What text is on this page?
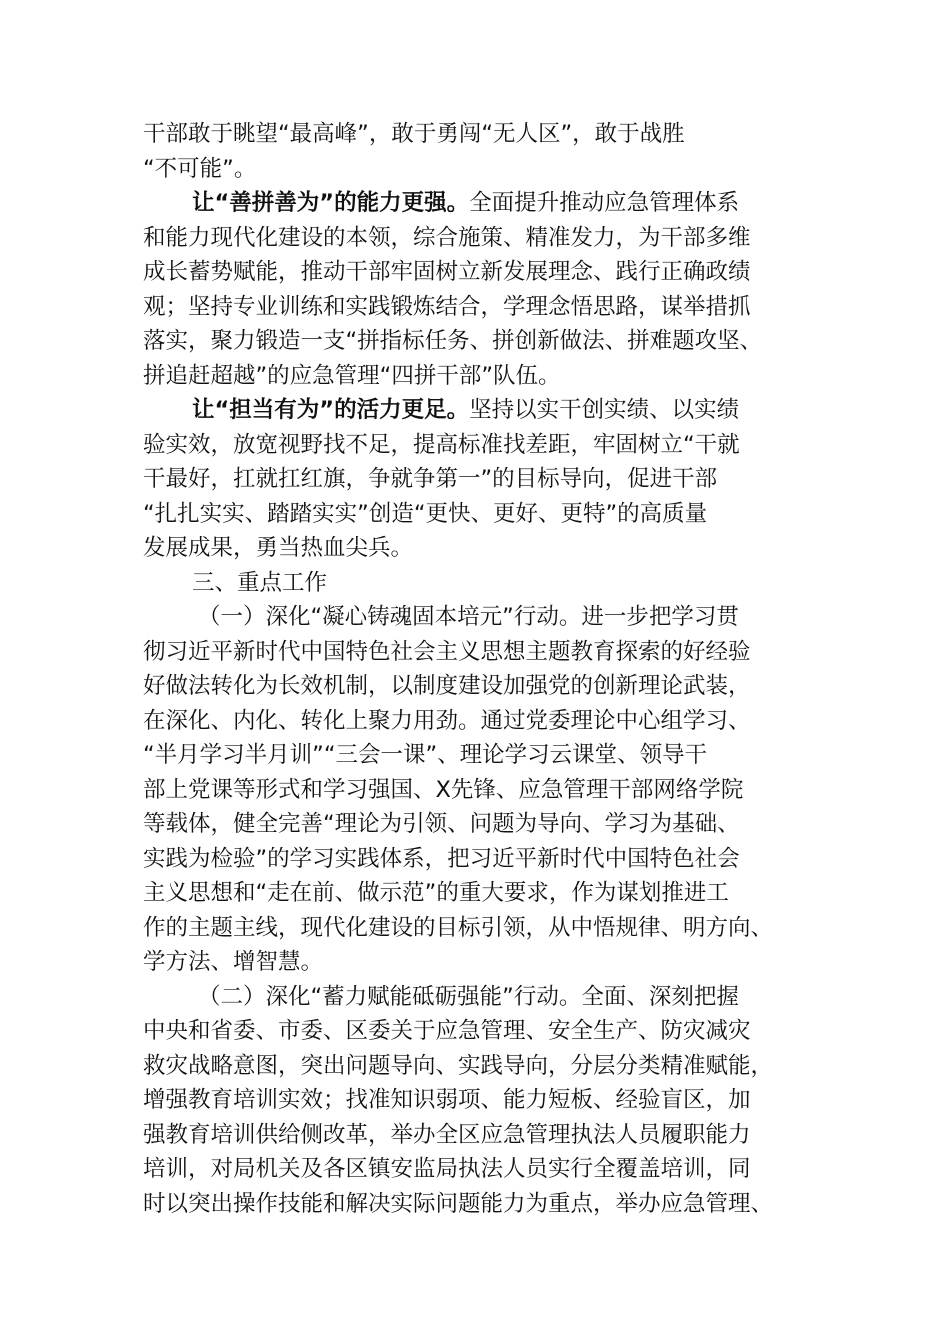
干部敢于眺望“最高峰”，敢于勇闯“无人区”，敢于战胜
“不可能”。
让“善拼善为”的能力更强。全面提升推动应急管理体系
和能力现代化建设的本领，综合施策、精准发力，为干部多维
成长蓄势赋能，推动干部牢固树立新发展理念、践行正确政绩
观；坚持专业训练和实践锻炼结合，学理念悟思路，谋举措抓
落实，聚力锻造一支“拼指标任务、拼创新做法、拼难题攻坚、
拼追赶超越”的应急管理“四拼干部”队伍。
让“担当有为”的活力更足。坚持以实干创实绩、以实绩
验实效，放宽视野找不足，提高标准找差距，牢固树立“干就
干最好，扛就扛红旗，争就争第一”的目标导向，促进干部
“扎扎实实、踏踏实实”创造“更快、更好、更特”的高质量
发展成果，勇当热血尖兵。
三、重点工作
（一）深化“凝心铸魂固本培元”行动。进一步把学习贯
彻习近平新时代中国特色社会主义思想主题教育探索的好经验
好做法转化为长效机制，以制度建设加强党的创新理论武装，
在深化、内化、转化上聚力用劲。通过党委理论中心组学习、
“半月学习半月训”“三会一课”、理论学习云课堂、领导干
部上党课等形式和学习强国、X先锋、应急管理干部网络学院
等载体，健全完善“理论为引领、问题为导向、学习为基础、
实践为检验”的学习实践体系，把习近平新时代中国特色社会
主义思想和“走在前、做示范”的重大要求，作为谋划推进工
作的主题主线，现代化建设的目标引领，从中悟规律、明方向、
学方法、增智慧。
（二）深化“蓄力赋能砥砺强能”行动。全面、深刻把握
中央和省委、市委、区委关于应急管理、安全生产、防灾减灾
救灾战略意图，突出问题导向、实践导向，分层分类精准赋能，
增强教育培训实效；找准知识弱项、能力短板、经验盲区，加
强教育培训供给侧改革，举办全区应急管理执法人员履职能力
培训，对局机关及各区镇安监局执法人员实行全覆盖培训，同
时以突出操作技能和解决实际问题能力为重点，举办应急管理、
